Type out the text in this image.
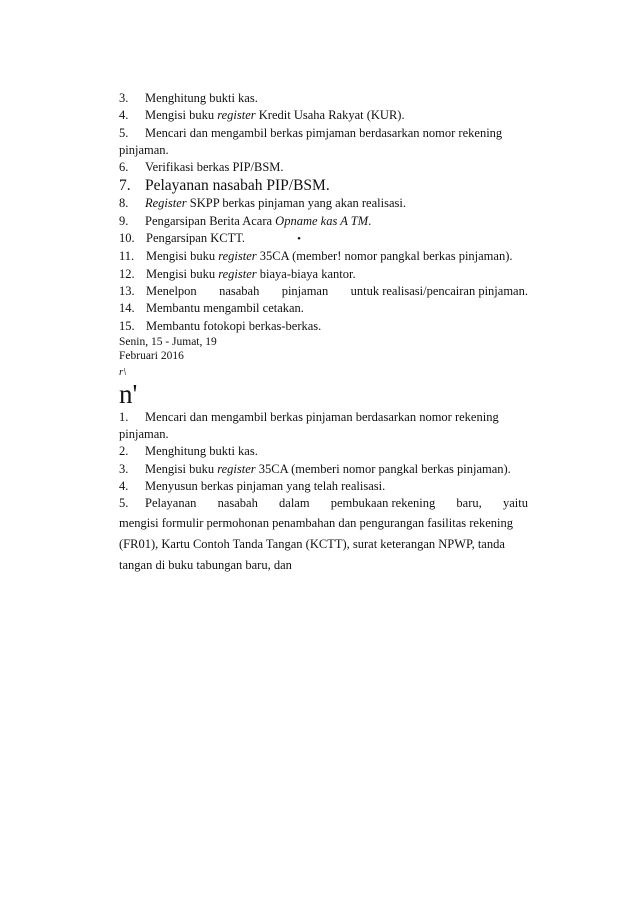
3. Menghitung bukti kas.
4. Mengisi buku register Kredit Usaha Rakyat (KUR).
5. Mencari dan mengambil berkas pimjaman berdasarkan nomor rekening
pinjaman.
6. Verifikasi berkas PIP/BSM.
7. Pelayanan nasabah PIP/BSM.
8. Register SKPP berkas pinjaman yang akan realisasi.
9. Pengarsipan Berita Acara Opname kas A TM.
10. Pengarsipan KCTT.	•
11. Mengisi buku register 35CA (member! nomor pangkal berkas pinjaman).
12. Mengisi buku register biaya-biaya kantor.
13. Menelpon nasabah pinjaman untuk realisasi/pencairan pinjaman.
14. Membantu mengambil cetakan.
15. Membantu fotokopi berkas-berkas.
Senin, 15 - Jumat, 19
Februari 2016
r\
n'
1. Mencari dan mengambil berkas pinjaman berdasarkan nomor rekening
pinjaman.
2. Menghitung bukti kas.
3. Mengisi buku register 35CA (memberi nomor pangkal berkas pinjaman).
4. Menyusun berkas pinjaman yang telah realisasi.
5. Pelayanan nasabah dalam pembukaan rekening baru, yaitu
mengisi formulir permohonan penambahan dan pengurangan fasilitas rekening
(FR01), Kartu Contoh Tanda Tangan (KCTT), surat keterangan NPWP, tanda
tangan di buku tabungan baru, dan
